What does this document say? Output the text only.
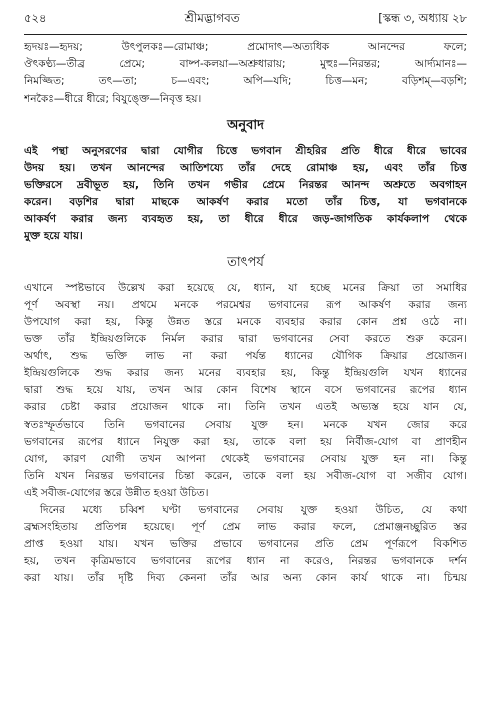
৫২৪	শ্রীমদ্ভাগবত	[স্কন্ধ ৩, অধ্যায় ২৮
হৃদয়ঃ—হৃদয়; উৎপুলকঃ—রোমাঞ্চ; প্রমোদাৎ—অত্যধিক আনন্দের ফলে;
ঔৎকণ্ঠ্য—তীব্র প্রেমে; বাষ্প-কলয়া—অশ্রুধারায়; মুহুঃ—নিরন্তর; আর্দ্যমানঃ—
নিমজ্জিত; তৎ—তা; চ—এবং; অপি—যদি; চিত্ত—মন; বড়িশম্—বড়শি;
শনকৈঃ—ধীরে ধীরে; বিযুঙ্ক্তে—নিবৃত্ত হয়।
অনুবাদ
এই পন্থা অনুসরণের দ্বারা যোগীর চিত্তে ভগবান শ্রীহরির প্রতি ধীরে ধীরে ভাবের
উদয় হয়। তখন আনন্দের আতিশয্যে তাঁর দেহে রোমাঞ্চ হয়, এবং তাঁর চিত্ত
ভক্তিরসে দ্রবীভূত হয়, তিনি তখন গভীর প্রেমে নিরন্তর আনন্দ অশ্রুতে অবগাহন
করেন। বড়শির দ্বারা মাছকে আকর্ষণ করার মতো তাঁর চিত্ত, যা ভগবানকে
আকর্ষণ করার জন্য ব্যবহৃত হয়, তা ধীরে ধীরে জড়-জাগতিক কার্যকলাপ থেকে
মুক্ত হয়ে যায়।
তাৎপর্য
এখানে স্পষ্টভাবে উল্লেখ করা হয়েছে যে, ধ্যান, যা হচ্ছে মনের ক্রিয়া তা সমাধির
পূর্ণ অবস্থা নয়। প্রথমে মনকে পরমেশ্বর ভগবানের রূপ আকর্ষণ করার জন্য
উপযোগ করা হয়, কিন্তু উন্নত স্তরে মনকে ব্যবহার করার কোন প্রশ্ন ওঠে না।
ভক্ত তাঁর ইন্দ্রিয়গুলিকে নির্মল করার দ্বারা ভগবানের সেবা করতে শুরু করেন।
অর্থাৎ, শুদ্ধ ভক্তি লাভ না করা পর্যন্ত ধ্যানের যৌগিক ক্রিয়ার প্রয়োজন।
ইন্দ্রিয়গুলিকে শুদ্ধ করার জন্য মনের ব্যবহার হয়, কিন্তু ইন্দ্রিয়গুলি যখন ধ্যানের
দ্বারা শুদ্ধ হয়ে যায়, তখন আর কোন বিশেষ স্থানে বসে ভগবানের রূপের ধ্যান
করার চেষ্টা করার প্রয়োজন থাকে না। তিনি তখন এতই অভ্যস্ত হয়ে যান যে,
স্বতঃস্ফূর্তভাবে তিনি ভগবানের সেবায় যুক্ত হন। মনকে যখন জোর করে
ভগবানের রূপের ধ্যানে নিযুক্ত করা হয়, তাকে বলা হয় নির্বীজ-যোগ বা প্রাণহীন
যোগ, কারণ যোগী তখন আপনা থেকেই ভগবানের সেবায় যুক্ত হন না। কিন্তু
তিনি যখন নিরন্তর ভগবানের চিন্তা করেন, তাকে বলা হয় সবীজ-যোগ বা সজীব যোগ।
এই সবীজ-যোগের স্তরে উন্নীত হওয়া উচিত।
দিনের মধ্যে চব্বিশ ঘণ্টা ভগবানের সেবায় যুক্ত হওয়া উচিত, যে কথা
ব্রহ্মসংহিতায় প্রতিপন্ন হয়েছে। পূর্ণ প্রেম লাভ করার ফলে, প্রেমাঞ্জনচ্ছুরিত স্তর
প্রাপ্ত হওয়া যায়। যখন ভক্তির প্রভাবে ভগবানের প্রতি প্রেম পূর্ণরূপে বিকশিত
হয়, তখন কৃত্রিমভাবে ভগবানের রূপের ধ্যান না করেও, নিরন্তর ভগবানকে দর্শন
করা যায়। তাঁর দৃষ্টি দিব্য কেননা তাঁর আর অন্য কোন কার্য থাকে না। চিন্ময়
